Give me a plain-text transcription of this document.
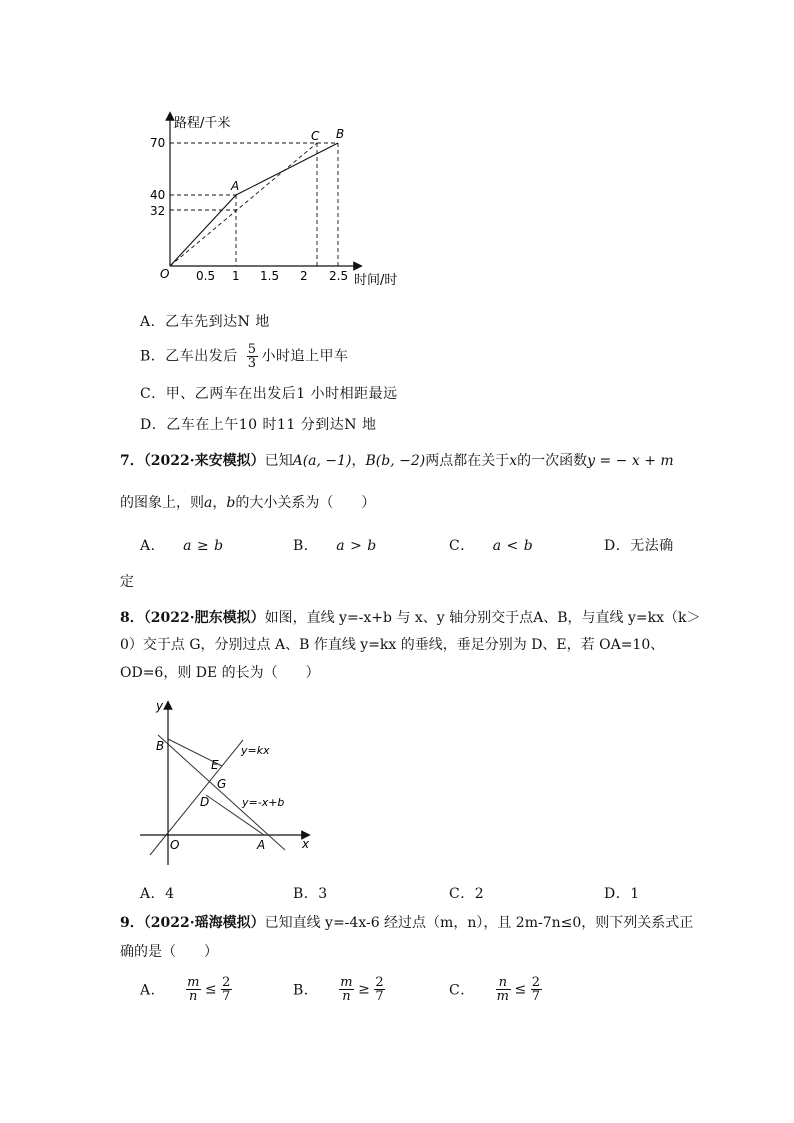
路程/千米
时间/时
O
70
40
32
0.5 1 1.5 2 2.5
A
C B
A．乙车先到达N 地
B．乙车出发后 $\frac{5}{3}$ 小时追上甲车
C．甲、乙两车在出发后1 小时相距最远
D．乙车在上午10 时11 分到达N 地
7．（2022·来安模拟）已知A(a, −1)，B(b, −2)两点都在关于x的一次函数y = − x + m
的图象上，则a，b的大小关系为（　　）
A． a ≥ b	B． a > b	C． a < b	D．无法确
定
8．（2022·肥东模拟）如图，直线 y=-x+b 与 x、y 轴分别交于点A、B，与直线 y=kx（k＞
0）交于点 G，分别过点 A、B 作直线 y=kx 的垂线，垂足分别为 D、E，若 OA=10、
OD=6，则 DE 的长为（　　）
y
x
O	A
B
E
G
D
y=kx
y=-x+b
A．4	B．3	C．2	D．1
9．（2022·瑶海模拟）已知直线 y=-4x-6 经过点（m，n），且 2m-7n≤0，则下列关系式正
确的是（　　）
A． $\frac{m}{n} \le \frac{2}{7}$	B． $\frac{m}{n} \ge \frac{2}{7}$	C． $\frac{n}{m} \le \frac{2}{7}$
